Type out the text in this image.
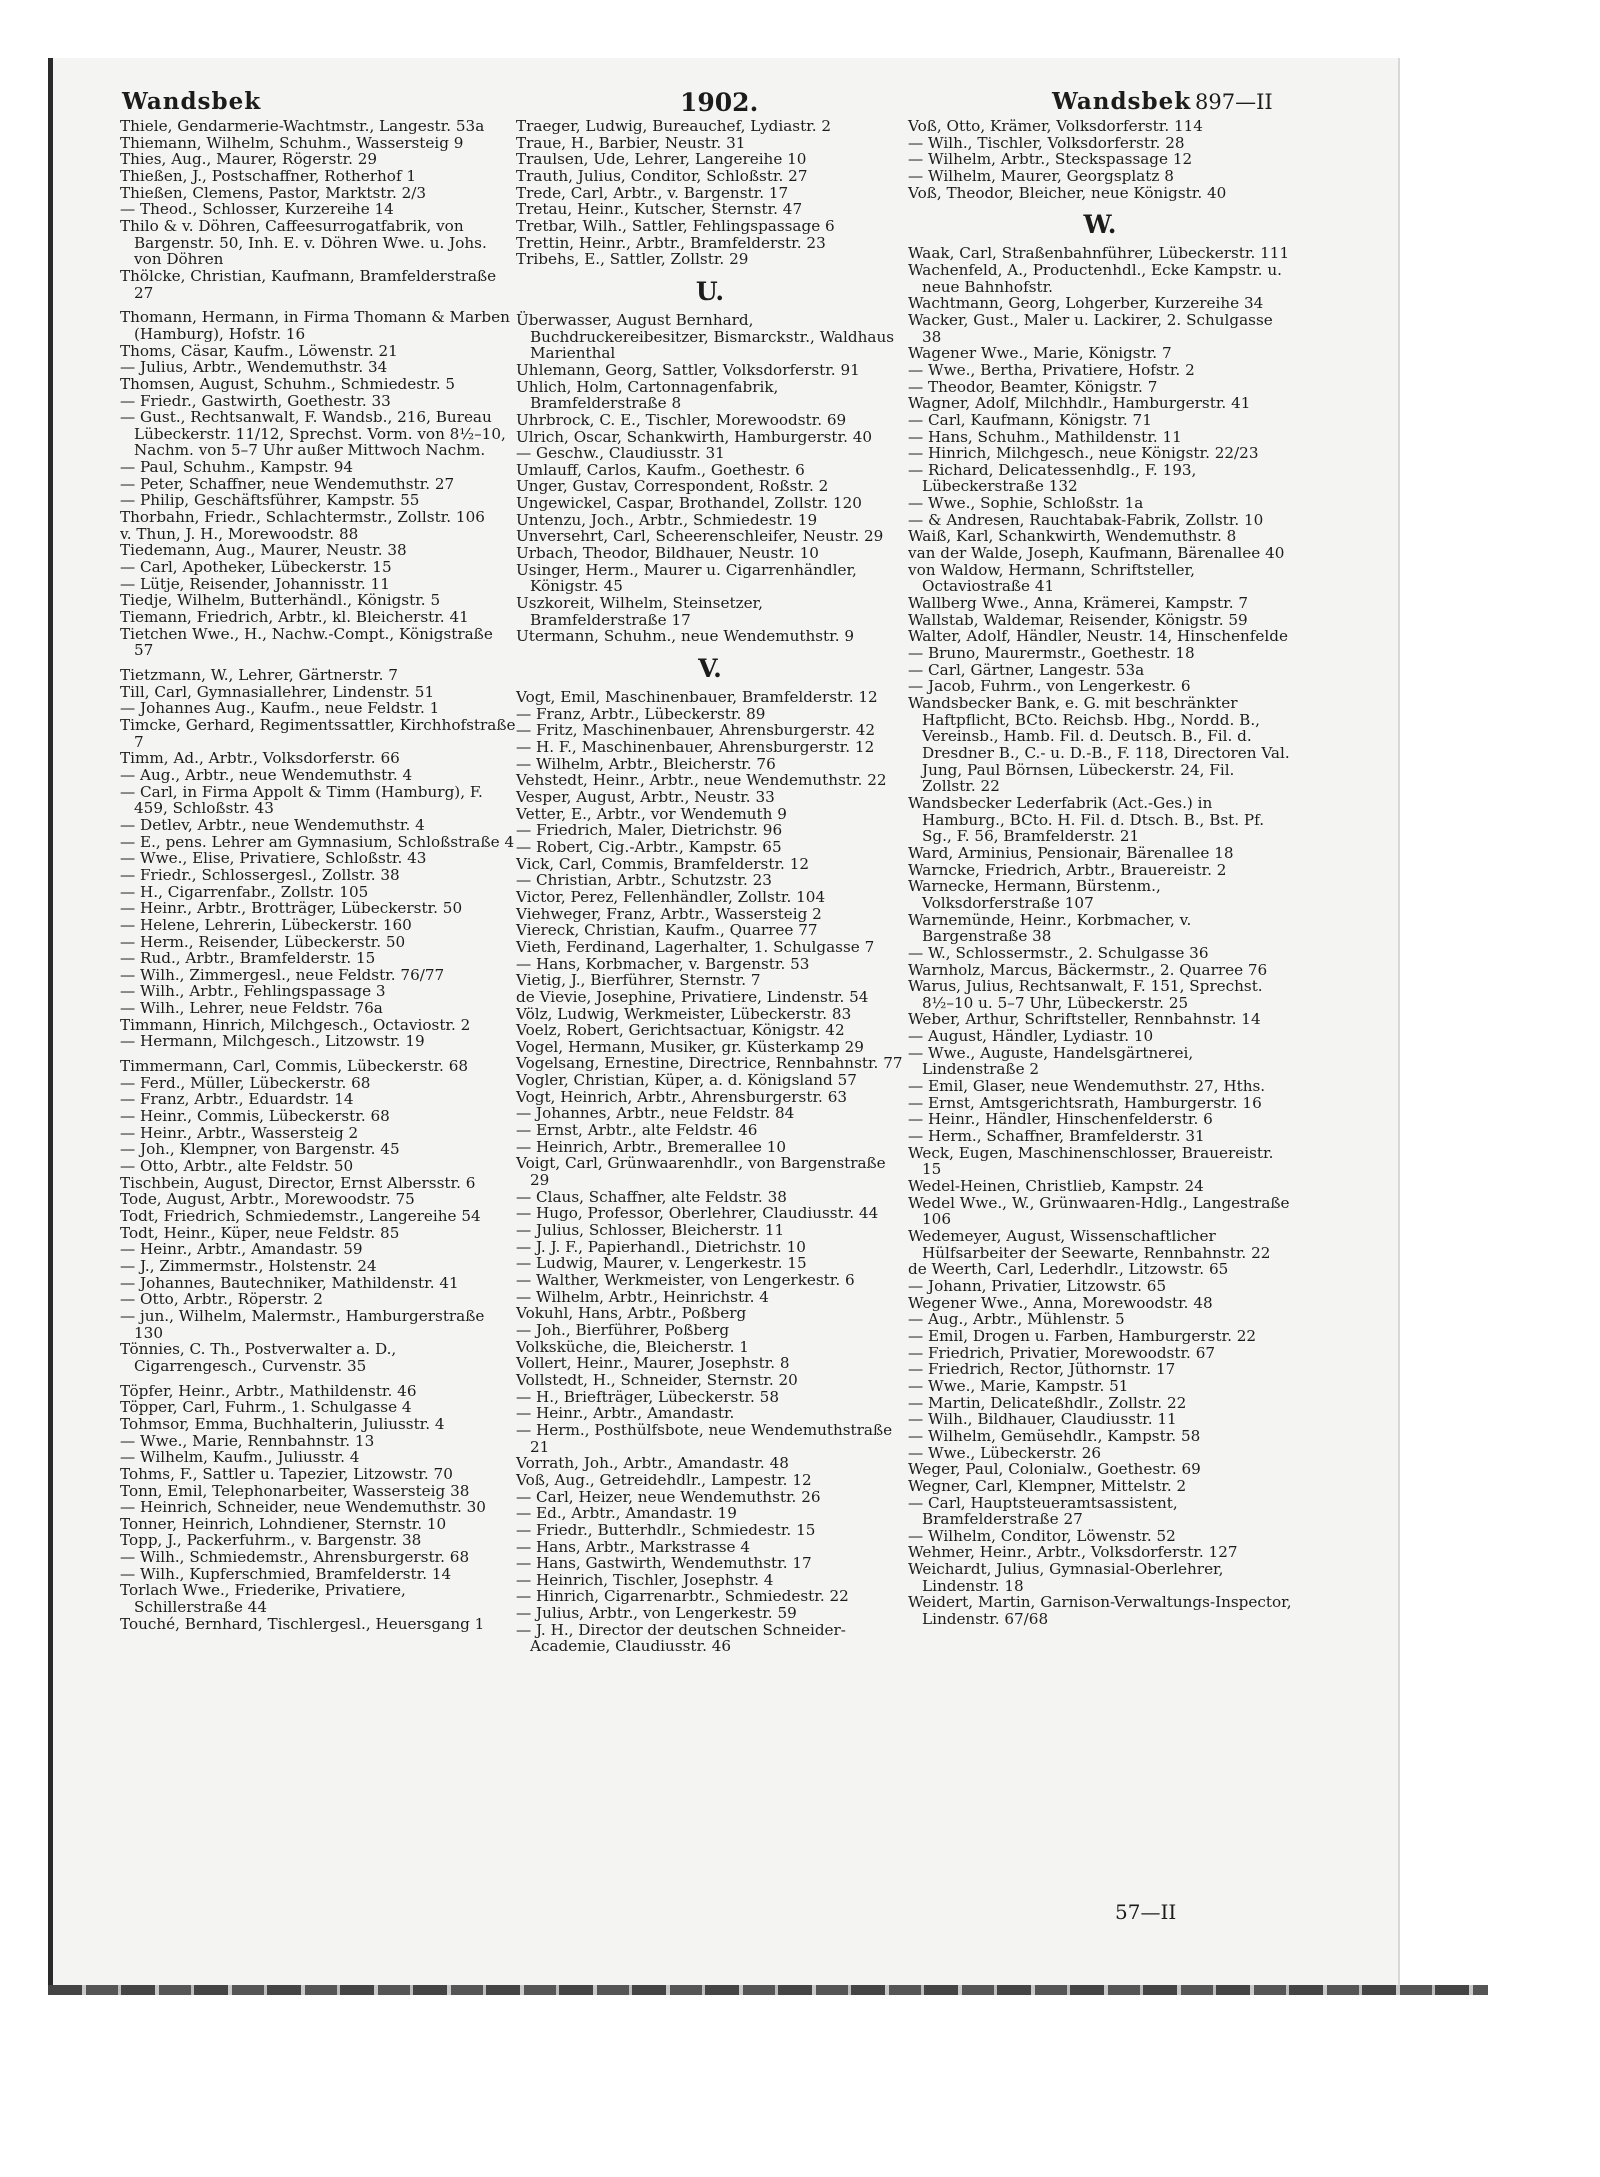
Wandsbek	1902.	Wandsbek 897—II
Thiele, Gendarmerie-Wachtmstr., Langestr. 53a
Thiemann, Wilhelm, Schuhm., Wassersteig 9
Thies, Aug., Maurer, Rögerstr. 29
Thießen, J., Postschaffner, Rotherhof 1
Thießen, Clemens, Pastor, Marktstr. 2/3
— Theod., Schlosser, Kurzereihe 14
Thilo & v. Döhren, Caffeesurrogatfabrik, von Bargenstr. 50, Inh. E. v. Döhren Wwe. u. Johs. von Döhren
Thölcke, Christian, Kaufmann, Bramfelderstraße 27
Thomann, Hermann, in Firma Thomann & Marben (Hamburg), Hofstr. 16
Thoms, Cäsar, Kaufm., Löwenstr. 21
— Julius, Arbtr., Wendemuthstr. 34
Thomsen, August, Schuhm., Schmiedestr. 5
— Friedr., Gastwirth, Goethestr. 33
— Gust., Rechtsanwalt, F. Wandsb., 216, Bureau Lübeckerstr. 11/12, Sprechst. Vorm. von 8½–10, Nachm. von 5–7 Uhr außer Mittwoch Nachm.
— Paul, Schuhm., Kampstr. 94
— Peter, Schaffner, neue Wendemuthstr. 27
— Philip, Geschäftsführer, Kampstr. 55
Thorbahn, Friedr., Schlachtermstr., Zollstr. 106
v. Thun, J. H., Morewoodstr. 88
Tiedemann, Aug., Maurer, Neustr. 38
— Carl, Apotheker, Lübeckerstr. 15
— Lütje, Reisender, Johannisstr. 11
Tiedje, Wilhelm, Butterhändl., Königstr. 5
Tiemann, Friedrich, Arbtr., kl. Bleicherstr. 41
Tietchen Wwe., H., Nachw.-Compt., Königstraße 57
Tietzmann, W., Lehrer, Gärtnerstr. 7
Till, Carl, Gymnasiallehrer, Lindenstr. 51
— Johannes Aug., Kaufm., neue Feldstr. 1
Timcke, Gerhard, Regimentssattler, Kirchhofstraße 7
Timm, Ad., Arbtr., Volksdorferstr. 66
— Aug., Arbtr., neue Wendemuthstr. 4
— Carl, in Firma Appolt & Timm (Hamburg), F. 459, Schloßstr. 43
— Detlev, Arbtr., neue Wendemuthstr. 4
— E., pens. Lehrer am Gymnasium, Schloßstraße 4
— Wwe., Elise, Privatiere, Schloßstr. 43
— Friedr., Schlossergesl., Zollstr. 38
— H., Cigarrenfabr., Zollstr. 105
— Heinr., Arbtr., Brotträger, Lübeckerstr. 50
— Helene, Lehrerin, Lübeckerstr. 160
— Herm., Reisender, Lübeckerstr. 50
— Rud., Arbtr., Bramfelderstr. 15
— Wilh., Zimmergesl., neue Feldstr. 76/77
— Wilh., Arbtr., Fehlingspassage 3
— Wilh., Lehrer, neue Feldstr. 76a
Timmann, Hinrich, Milchgesch., Octaviostr. 2
— Hermann, Milchgesch., Litzowstr. 19
Timmermann, Carl, Commis, Lübeckerstr. 68
— Ferd., Müller, Lübeckerstr. 68
— Franz, Arbtr., Eduardstr. 14
— Heinr., Commis, Lübeckerstr. 68
— Heinr., Arbtr., Wassersteig 2
— Joh., Klempner, von Bargenstr. 45
— Otto, Arbtr., alte Feldstr. 50
Tischbein, August, Director, Ernst Albersstr. 6
Tode, August, Arbtr., Morewoodstr. 75
Todt, Friedrich, Schmiedemstr., Langereihe 54
Todt, Heinr., Küper, neue Feldstr. 85
— Heinr., Arbtr., Amandastr. 59
— J., Zimmermstr., Holstenstr. 24
— Johannes, Bautechniker, Mathildenstr. 41
— Otto, Arbtr., Röperstr. 2
— jun., Wilhelm, Malermstr., Hamburgerstraße 130
Tönnies, C. Th., Postverwalter a. D., Cigarrengesch., Curvenstr. 35
Töpfer, Heinr., Arbtr., Mathildenstr. 46
Töpper, Carl, Fuhrm., 1. Schulgasse 4
Tohmsor, Emma, Buchhalterin, Juliusstr. 4
— Wwe., Marie, Rennbahnstr. 13
— Wilhelm, Kaufm., Juliusstr. 4
Tohms, F., Sattler u. Tapezier, Litzowstr. 70
Tonn, Emil, Telephonarbeiter, Wassersteig 38
— Heinrich, Schneider, neue Wendemuthstr. 30
Tonner, Heinrich, Lohndiener, Sternstr. 10
Topp, J., Packerfuhrm., v. Bargenstr. 38
— Wilh., Schmiedemstr., Ahrensburgerstr. 68
— Wilh., Kupferschmied, Bramfelderstr. 14
Torlach Wwe., Friederike, Privatiere, Schillerstraße 44
Touché, Bernhard, Tischlergesl., Heuersgang 1
Traeger, Ludwig, Bureauchef, Lydiastr. 2
Traue, H., Barbier, Neustr. 31
Traulsen, Ude, Lehrer, Langereihe 10
Trauth, Julius, Conditor, Schloßstr. 27
Trede, Carl, Arbtr., v. Bargenstr. 17
Tretau, Heinr., Kutscher, Sternstr. 47
Tretbar, Wilh., Sattler, Fehlingspassage 6
Trettin, Heinr., Arbtr., Bramfelderstr. 23
Tribehs, E., Sattler, Zollstr. 29
U.
Überwasser, August Bernhard, Buchdruckereibesitzer, Bismarckstr., Waldhaus Marienthal
Uhlemann, Georg, Sattler, Volksdorferstr. 91
Uhlich, Holm, Cartonnagenfabrik, Bramfelderstraße 8
Uhrbrock, C. E., Tischler, Morewoodstr. 69
Ulrich, Oscar, Schankwirth, Hamburgerstr. 40
— Geschw., Claudiusstr. 31
Umlauff, Carlos, Kaufm., Goethestr. 6
Unger, Gustav, Correspondent, Roßstr. 2
Ungewickel, Caspar, Brothandel, Zollstr. 120
Untenzu, Joch., Arbtr., Schmiedestr. 19
Unversehrt, Carl, Scheerenschleifer, Neustr. 29
Urbach, Theodor, Bildhauer, Neustr. 10
Usinger, Herm., Maurer u. Cigarrenhändler, Königstr. 45
Uszkoreit, Wilhelm, Steinsetzer, Bramfelderstraße 17
Utermann, Schuhm., neue Wendemuthstr. 9
V.
Vogt, Emil, Maschinenbauer, Bramfelderstr. 12
— Franz, Arbtr., Lübeckerstr. 89
— Fritz, Maschinenbauer, Ahrensburgerstr. 42
— H. F., Maschinenbauer, Ahrensburgerstr. 12
— Wilhelm, Arbtr., Bleicherstr. 76
Vehstedt, Heinr., Arbtr., neue Wendemuthstr. 22
Vesper, August, Arbtr., Neustr. 33
Vetter, E., Arbtr., vor Wendemuth 9
— Friedrich, Maler, Dietrichstr. 96
— Robert, Cig.-Arbtr., Kampstr. 65
Vick, Carl, Commis, Bramfelderstr. 12
— Christian, Arbtr., Schutzstr. 23
Victor, Perez, Fellenhändler, Zollstr. 104
Viehweger, Franz, Arbtr., Wassersteig 2
Viereck, Christian, Kaufm., Quarree 77
Vieth, Ferdinand, Lagerhalter, 1. Schulgasse 7
— Hans, Korbmacher, v. Bargenstr. 53
Vietig, J., Bierführer, Sternstr. 7
de Vievie, Josephine, Privatiere, Lindenstr. 54
Völz, Ludwig, Werkmeister, Lübeckerstr. 83
Voelz, Robert, Gerichtsactuar, Königstr. 42
Vogel, Hermann, Musiker, gr. Küsterkamp 29
Vogelsang, Ernestine, Directrice, Rennbahnstr. 77
Vogler, Christian, Küper, a. d. Königsland 57
Vogt, Heinrich, Arbtr., Ahrensburgerstr. 63
— Johannes, Arbtr., neue Feldstr. 84
— Ernst, Arbtr., alte Feldstr. 46
— Heinrich, Arbtr., Bremerallee 10
Voigt, Carl, Grünwaarenhdlr., von Bargenstraße 29
— Claus, Schaffner, alte Feldstr. 38
— Hugo, Professor, Oberlehrer, Claudiusstr. 44
— Julius, Schlosser, Bleicherstr. 11
— J. J. F., Papierhandl., Dietrichstr. 10
— Ludwig, Maurer, v. Lengerkestr. 15
— Walther, Werkmeister, von Lengerkestr. 6
— Wilhelm, Arbtr., Heinrichstr. 4
Vokuhl, Hans, Arbtr., Poßberg
— Joh., Bierführer, Poßberg
Volksküche, die, Bleicherstr. 1
Vollert, Heinr., Maurer, Josephstr. 8
Vollstedt, H., Schneider, Sternstr. 20
— H., Briefträger, Lübeckerstr. 58
— Heinr., Arbtr., Amandastr.
— Herm., Posthülfsbote, neue Wendemuthstraße 21
Vorrath, Joh., Arbtr., Amandastr. 48
Voß, Aug., Getreidehdlr., Lampestr. 12
— Carl, Heizer, neue Wendemuthstr. 26
— Ed., Arbtr., Amandastr. 19
— Friedr., Butterhdlr., Schmiedestr. 15
— Hans, Arbtr., Markstrasse 4
— Hans, Gastwirth, Wendemuthstr. 17
— Heinrich, Tischler, Josephstr. 4
— Hinrich, Cigarrenarbtr., Schmiedestr. 22
— Julius, Arbtr., von Lengerkestr. 59
— J. H., Director der deutschen Schneider-Academie, Claudiusstr. 46
Voß, Otto, Krämer, Volksdorferstr. 114
— Wilh., Tischler, Volksdorferstr. 28
— Wilhelm, Arbtr., Steckspassage 12
— Wilhelm, Maurer, Georgsplatz 8
Voß, Theodor, Bleicher, neue Königstr. 40
W.
Waak, Carl, Straßenbahnführer, Lübeckerstr. 111
Wachenfeld, A., Productenhdl., Ecke Kampstr. u. neue Bahnhofstr.
Wachtmann, Georg, Lohgerber, Kurzereihe 34
Wacker, Gust., Maler u. Lackirer, 2. Schulgasse 38
Wagener Wwe., Marie, Königstr. 7
— Wwe., Bertha, Privatiere, Hofstr. 2
— Theodor, Beamter, Königstr. 7
Wagner, Adolf, Milchhdlr., Hamburgerstr. 41
— Carl, Kaufmann, Königstr. 71
— Hans, Schuhm., Mathildenstr. 11
— Hinrich, Milchgesch., neue Königstr. 22/23
— Richard, Delicatessenhdlg., F. 193, Lübeckerstraße 132
— Wwe., Sophie, Schloßstr. 1a
— & Andresen, Rauchtabak-Fabrik, Zollstr. 10
Waiß, Karl, Schankwirth, Wendemuthstr. 8
van der Walde, Joseph, Kaufmann, Bärenallee 40
von Waldow, Hermann, Schriftsteller, Octaviostraße 41
Wallberg Wwe., Anna, Krämerei, Kampstr. 7
Wallstab, Waldemar, Reisender, Königstr. 59
Walter, Adolf, Händler, Neustr. 14, Hinschenfelde
— Bruno, Maurermstr., Goethestr. 18
— Carl, Gärtner, Langestr. 53a
— Jacob, Fuhrm., von Lengerkestr. 6
Wandsbecker Bank, e. G. mit beschränkter Haftpflicht, BCto. Reichsb. Hbg., Nordd. B., Vereinsb., Hamb. Fil. d. Deutsch. B., Fil. d. Dresdner B., C.- u. D.-B., F. 118, Directoren Val. Jung, Paul Börnsen, Lübeckerstr. 24, Fil. Zollstr. 22
Wandsbecker Lederfabrik (Act.-Ges.) in Hamburg., BCto. H. Fil. d. Dtsch. B., Bst. Pf. Sg., F. 56, Bramfelderstr. 21
Ward, Arminius, Pensionair, Bärenallee 18
Warncke, Friedrich, Arbtr., Brauereistr. 2
Warnecke, Hermann, Bürstenm., Volksdorferstraße 107
Warnemünde, Heinr., Korbmacher, v. Bargenstraße 38
— W., Schlossermstr., 2. Schulgasse 36
Warnholz, Marcus, Bäckermstr., 2. Quarree 76
Warus, Julius, Rechtsanwalt, F. 151, Sprechst. 8½–10 u. 5–7 Uhr, Lübeckerstr. 25
Weber, Arthur, Schriftsteller, Rennbahnstr. 14
— August, Händler, Lydiastr. 10
— Wwe., Auguste, Handelsgärtnerei, Lindenstraße 2
— Emil, Glaser, neue Wendemuthstr. 27, Hths.
— Ernst, Amtsgerichtsrath, Hamburgerstr. 16
— Heinr., Händler, Hinschenfelderstr. 6
— Herm., Schaffner, Bramfelderstr. 31
Weck, Eugen, Maschinenschlosser, Brauereistr. 15
Wedel-Heinen, Christlieb, Kampstr. 24
Wedel Wwe., W., Grünwaaren-Hdlg., Langestraße 106
Wedemeyer, August, Wissenschaftlicher Hülfsarbeiter der Seewarte, Rennbahnstr. 22
de Weerth, Carl, Lederhdlr., Litzowstr. 65
— Johann, Privatier, Litzowstr. 65
Wegener Wwe., Anna, Morewoodstr. 48
— Aug., Arbtr., Mühlenstr. 5
— Emil, Drogen u. Farben, Hamburgerstr. 22
— Friedrich, Privatier, Morewoodstr. 67
— Friedrich, Rector, Jüthornstr. 17
— Wwe., Marie, Kampstr. 51
— Martin, Delicateßhdlr., Zollstr. 22
— Wilh., Bildhauer, Claudiusstr. 11
— Wilhelm, Gemüsehdlr., Kampstr. 58
— Wwe., Lübeckerstr. 26
Weger, Paul, Colonialw., Goethestr. 69
Wegner, Carl, Klempner, Mittelstr. 2
— Carl, Hauptsteueramtsassistent, Bramfelderstraße 27
— Wilhelm, Conditor, Löwenstr. 52
Wehmer, Heinr., Arbtr., Volksdorferstr. 127
Weichardt, Julius, Gymnasial-Oberlehrer, Lindenstr. 18
Weidert, Martin, Garnison-Verwaltungs-Inspector, Lindenstr. 67/68
57—II
